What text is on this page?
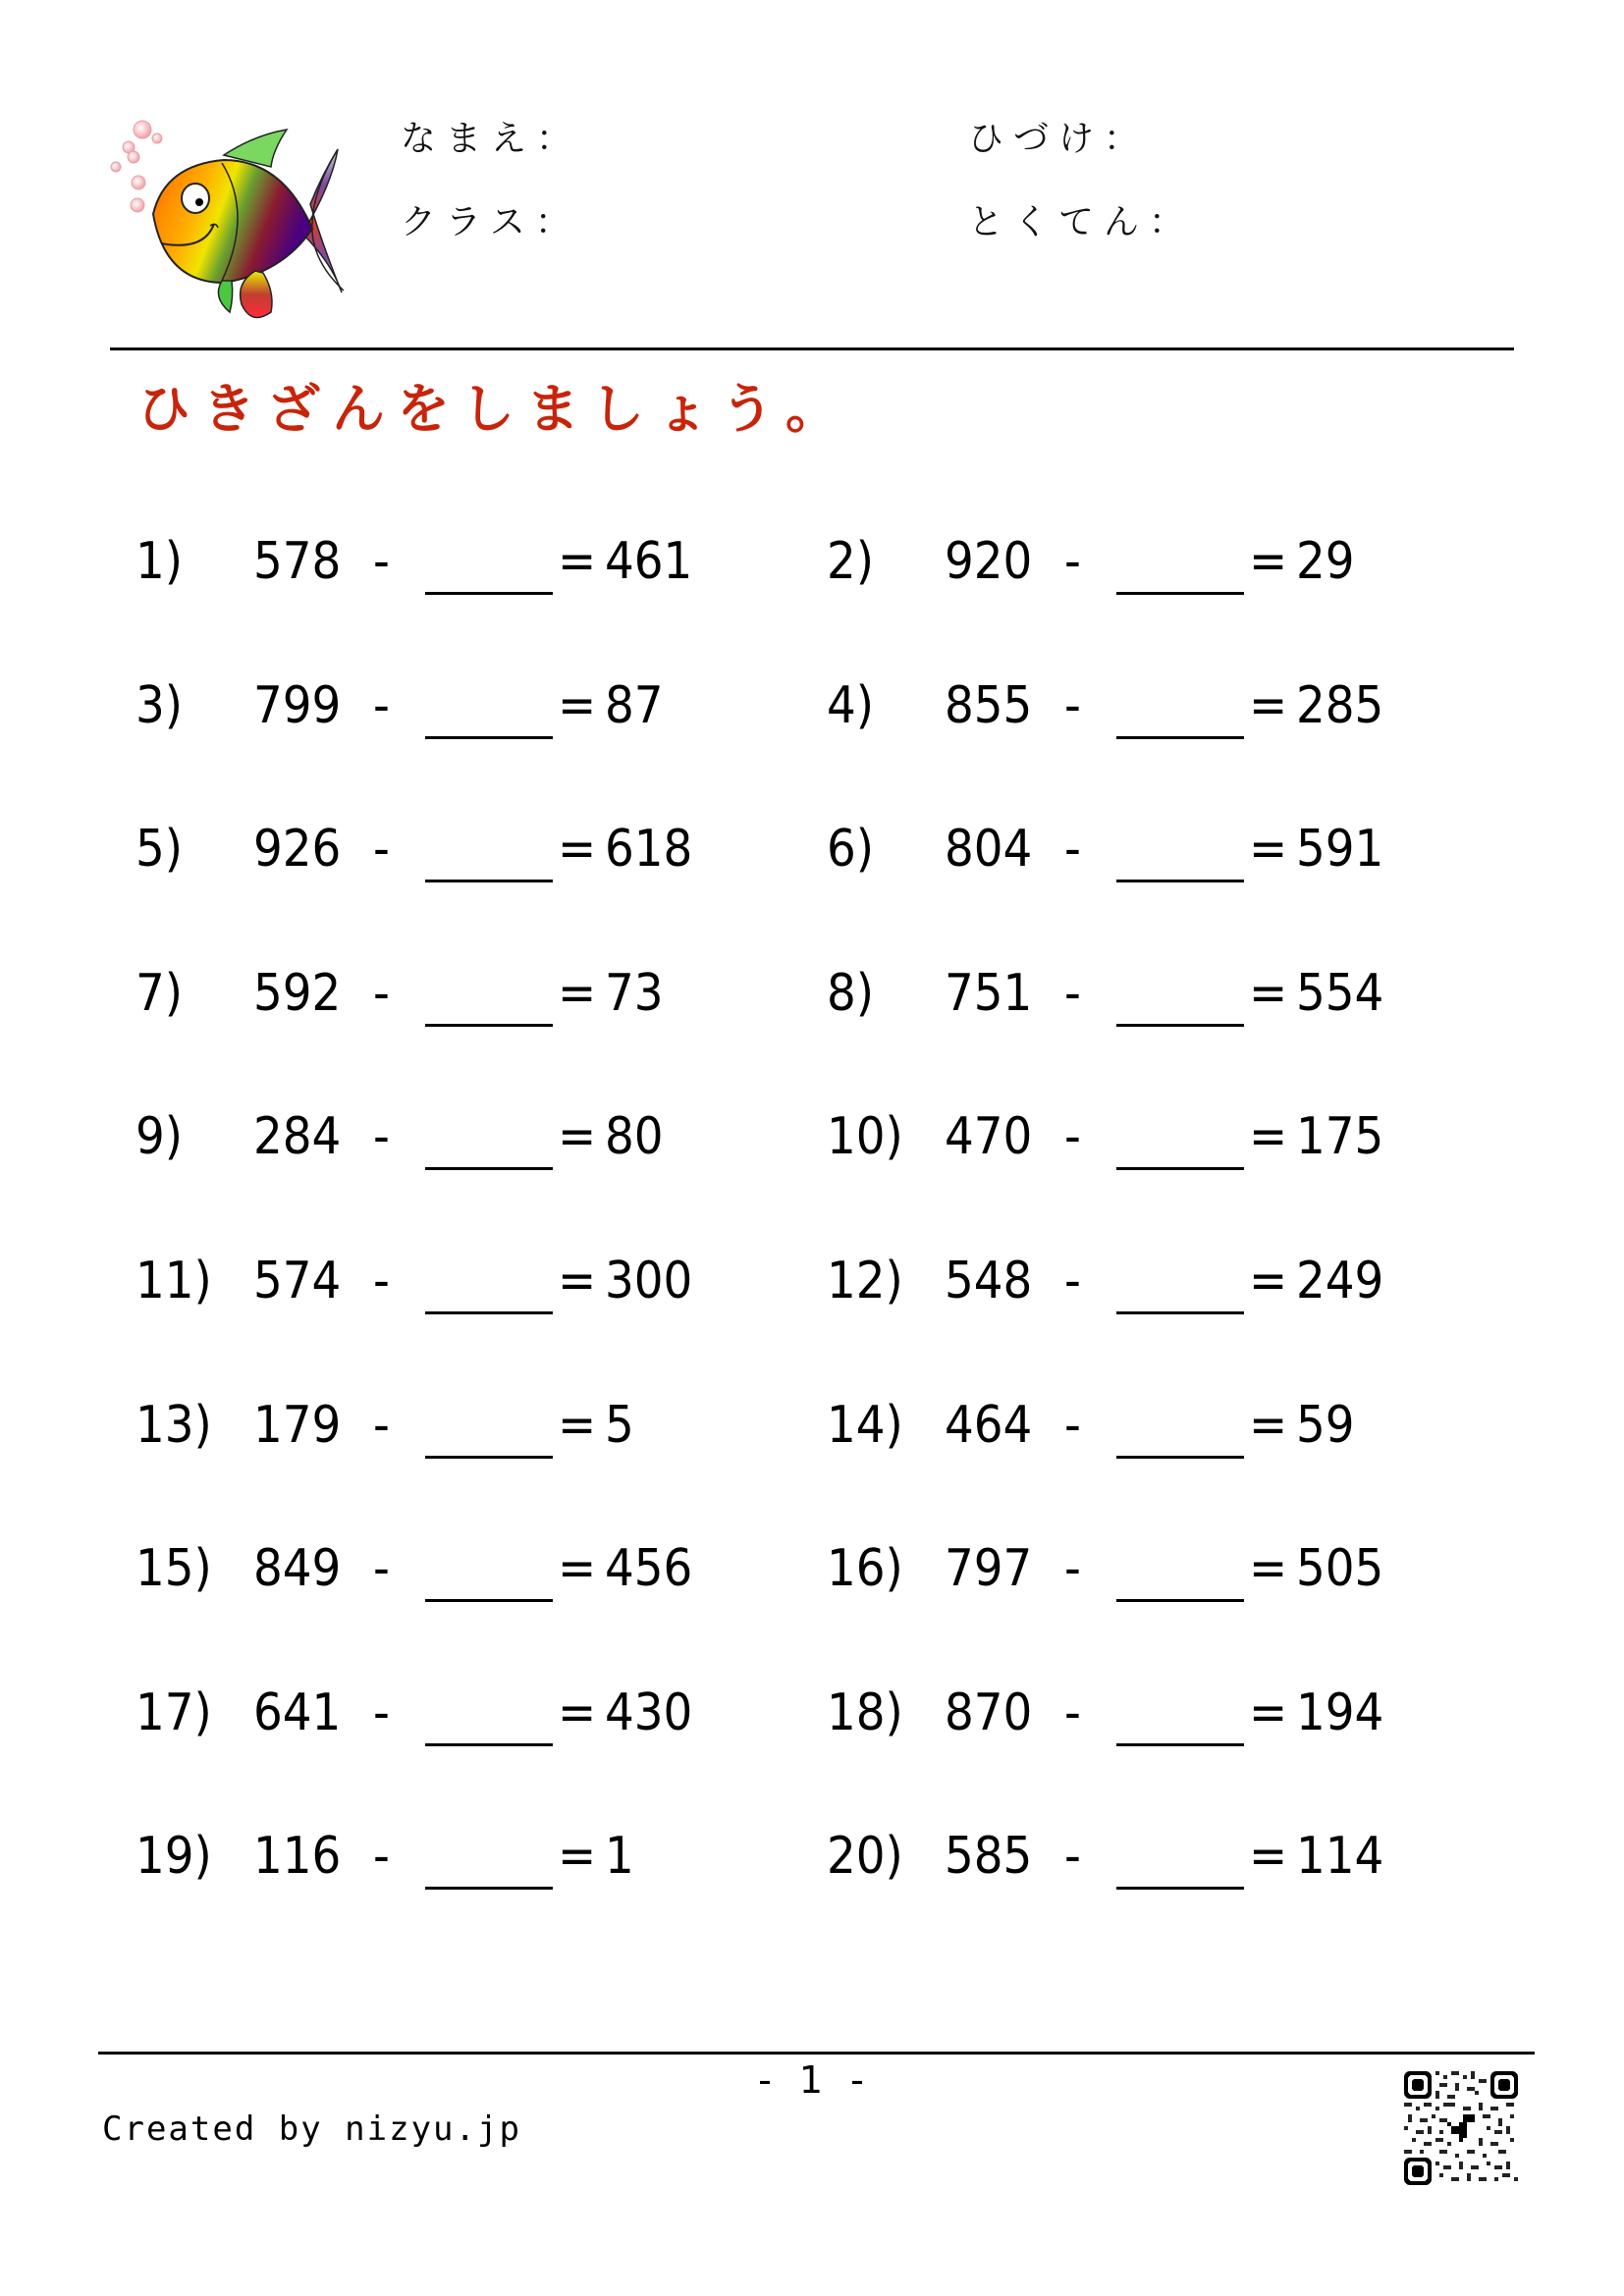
なまえ：	ひづけ：
クラス：	とくてん：
ひきざんをしましょう。
1) 578 -	= 461	2) 920 -	= 29
3) 799 -	= 87	4) 855 -	= 285
5) 926 -	= 618	6) 804 -	= 591
7) 592 -	= 73	8) 751 -	= 554
9) 284 -	= 80	10) 470 -	= 175
11) 574 -	= 300	12) 548 -	= 249
13) 179 -	= 5	14) 464 -	= 59
15) 849 -	= 456	16) 797 -	= 505
17) 641 -	= 430	18) 870 -	= 194
19) 116 -	= 1	20) 585 -	= 114
- 1 -
Created by nizyu.jp
